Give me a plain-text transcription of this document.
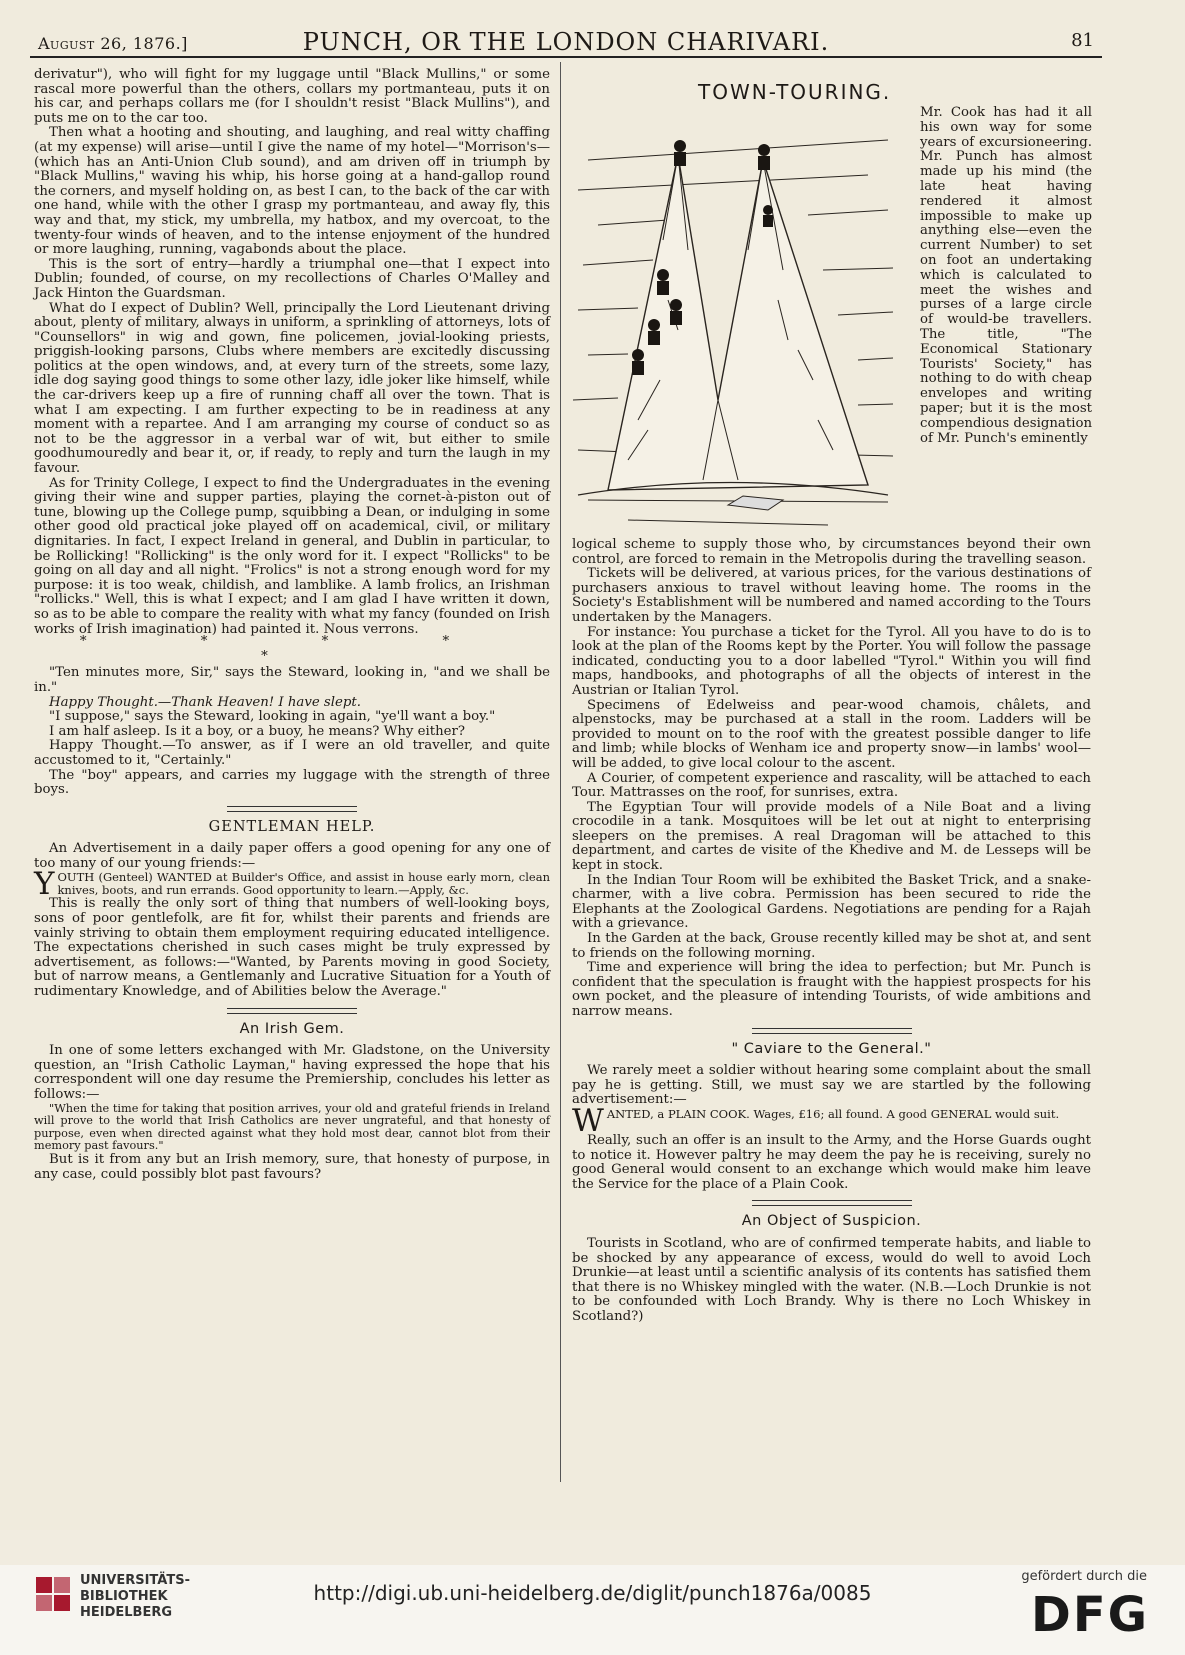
August 26, 1876.]	PUNCH, OR THE LONDON CHARIVARI.	81

derivatur"), who will fight for my luggage until "Black Mullins," or some rascal more powerful than the others, collars my portmanteau, puts it on his car, and perhaps collars me (for I shouldn't resist "Black Mullins"), and puts me on to the car too.

Then what a hooting and shouting, and laughing, and real witty chaffing (at my expense) will arise—until I give the name of my hotel—"Morrison's—(which has an Anti-Union Club sound), and am driven off in triumph by "Black Mullins," waving his whip, his horse going at a hand-gallop round the corners, and myself holding on, as best I can, to the back of the car with one hand, while with the other I grasp my portmanteau, and away fly, this way and that, my stick, my umbrella, my hatbox, and my overcoat, to the twenty-four winds of heaven, and to the intense enjoyment of the hundred or more laughing, running, vagabonds about the place.

This is the sort of entry—hardly a triumphal one—that I expect into Dublin; founded, of course, on my recollections of Charles O'Malley and Jack Hinton the Guardsman.

What do I expect of Dublin? Well, principally the Lord Lieutenant driving about, plenty of military, always in uniform, a sprinkling of attorneys, lots of "Counsellors" in wig and gown, fine policemen, jovial-looking priests, priggish-looking parsons, Clubs where members are excitedly discussing politics at the open windows, and, at every turn of the streets, some lazy, idle dog saying good things to some other lazy, idle joker like himself, while the car-drivers keep up a fire of running chaff all over the town. That is what I am expecting. I am further expecting to be in readiness at any moment with a repartee. And I am arranging my course of conduct so as not to be the aggressor in a verbal war of wit, but either to smile goodhumouredly and bear it, or, if ready, to reply and turn the laugh in my favour.

As for Trinity College, I expect to find the Undergraduates in the evening giving their wine and supper parties, playing the cornet-à-piston out of tune, blowing up the College pump, squibbing a Dean, or indulging in some other good old practical joke played off on academical, civil, or military dignitaries. In fact, I expect Ireland in general, and Dublin in particular, to be Rollicking! "Rollicking" is the only word for it. I expect "Rollicks" to be going on all day and all night. "Frolics" is not a strong enough word for my purpose: it is too weak, childish, and lamblike. A lamb frolics, an Irishman "rollicks." Well, this is what I expect; and I am glad I have written it down, so as to be able to compare the reality with what my fancy (founded on Irish works of Irish imagination) had painted it. Nous verrons.

* * * * *

"Ten minutes more, Sir," says the Steward, looking in, "and we shall be in."

Happy Thought.—Thank Heaven! I have slept.

"I suppose," says the Steward, looking in again, "ye'll want a boy."

I am half asleep. Is it a boy, or a buoy, he means? Why either?

Happy Thought.—To answer, as if I were an old traveller, and quite accustomed to it, "Certainly."

The "boy" appears, and carries my luggage with the strength of three boys.

GENTLEMAN HELP.

An Advertisement in a daily paper offers a good opening for any one of too many of our young friends:—

YOUTH (Genteel) WANTED at Builder's Office, and assist in house early morn, clean knives, boots, and run errands. Good opportunity to learn.—Apply, &c.

This is really the only sort of thing that numbers of well-looking boys, sons of poor gentlefolk, are fit for, whilst their parents and friends are vainly striving to obtain them employment requiring educated intelligence. The expectations cherished in such cases might be truly expressed by advertisement, as follows:—"Wanted, by Parents moving in good Society, but of narrow means, a Gentlemanly and Lucrative Situation for a Youth of rudimentary Knowledge, and of Abilities below the Average."

An Irish Gem.

In one of some letters exchanged with Mr. Gladstone, on the University question, an "Irish Catholic Layman," having expressed the hope that his correspondent will one day resume the Premiership, concludes his letter as follows:—

"When the time for taking that position arrives, your old and grateful friends in Ireland will prove to the world that Irish Catholics are never ungrateful, and that honesty of purpose, even when directed against what they hold most dear, cannot blot from their memory past favours."

But is it from any but an Irish memory, sure, that honesty of purpose, in any case, could possibly blot past favours?

TOWN-TOURING.
Mr. Cook has had it all his own way for some years of excursioneering. Mr. Punch has almost made up his mind (the late heat having rendered it almost impossible to make up anything else—even the current Number) to set on foot an undertaking which is calculated to meet the wishes and purses of a large circle of would-be travellers. The title, "The Economical Stationary Tourists' Society," has nothing to do with cheap envelopes and writing paper; but it is the most compendious designation of Mr. Punch's eminently

logical scheme to supply those who, by circumstances beyond their own control, are forced to remain in the Metropolis during the travelling season.

Tickets will be delivered, at various prices, for the various destinations of purchasers anxious to travel without leaving home. The rooms in the Society's Establishment will be numbered and named according to the Tours undertaken by the Managers.

For instance: You purchase a ticket for the Tyrol. All you have to do is to look at the plan of the Rooms kept by the Porter. You will follow the passage indicated, conducting you to a door labelled "Tyrol." Within you will find maps, handbooks, and photographs of all the objects of interest in the Austrian or Italian Tyrol.

Specimens of Edelweiss and pear-wood chamois, châlets, and alpenstocks, may be purchased at a stall in the room. Ladders will be provided to mount on to the roof with the greatest possible danger to life and limb; while blocks of Wenham ice and property snow—in lambs' wool—will be added, to give local colour to the ascent.

A Courier, of competent experience and rascality, will be attached to each Tour. Mattrasses on the roof, for sunrises, extra.

The Egyptian Tour will provide models of a Nile Boat and a living crocodile in a tank. Mosquitoes will be let out at night to enterprising sleepers on the premises. A real Dragoman will be attached to this department, and cartes de visite of the Khedive and M. de Lesseps will be kept in stock.

In the Indian Tour Room will be exhibited the Basket Trick, and a snake-charmer, with a live cobra. Permission has been secured to ride the Elephants at the Zoological Gardens. Negotiations are pending for a Rajah with a grievance.

In the Garden at the back, Grouse recently killed may be shot at, and sent to friends on the following morning.

Time and experience will bring the idea to perfection; but Mr. Punch is confident that the speculation is fraught with the happiest prospects for his own pocket, and the pleasure of intending Tourists, of wide ambitions and narrow means.

" Caviare to the General."

We rarely meet a soldier without hearing some complaint about the small pay he is getting. Still, we must say we are startled by the following advertisement:—

WANTED, a PLAIN COOK. Wages, £16; all found. A good GENERAL would suit.

Really, such an offer is an insult to the Army, and the Horse Guards ought to notice it. However paltry he may deem the pay he is receiving, surely no good General would consent to an exchange which would make him leave the Service for the place of a Plain Cook.

An Object of Suspicion.

Tourists in Scotland, who are of confirmed temperate habits, and liable to be shocked by any appearance of excess, would do well to avoid Loch Drunkie—at least until a scientific analysis of its contents has satisfied them that there is no Whiskey mingled with the water. (N.B.—Loch Drunkie is not to be confounded with Loch Brandy. Why is there no Loch Whiskey in Scotland?)

UNIVERSITÄTS-
BIBLIOTHEK
HEIDELBERG
http://digi.ub.uni-heidelberg.de/diglit/punch1876a/0085
gefördert durch die
DFG
